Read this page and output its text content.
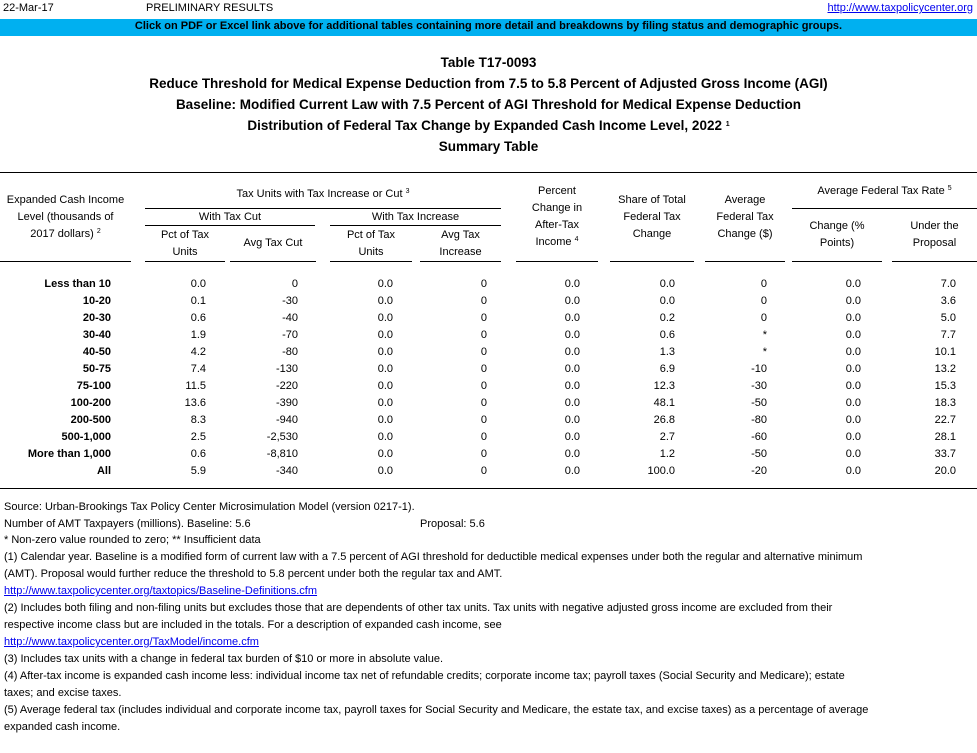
22-Mar-17	PRELIMINARY RESULTS	http://www.taxpolicycenter.org
Click on PDF or Excel link above for additional tables containing more detail and breakdowns by filing status and demographic groups.
Table T17-0093
Reduce Threshold for Medical Expense Deduction from 7.5 to 5.8 Percent of Adjusted Gross Income (AGI)
Baseline: Modified Current Law with 7.5 Percent of AGI Threshold for Medical Expense Deduction
Distribution of Federal Tax Change by Expanded Cash Income Level, 2022 $^1$
Summary Table
Expanded Cash Income
Level (thousands of
2017 dollars) $^2$
Tax Units with Tax Increase or Cut $^3$
With Tax Cut	With Tax Increase
Pct of Tax
Units
Avg Tax Cut
Pct of Tax
Units
Avg Tax
Increase
Percent
Change in
After-Tax
Income $^4$
Share of Total
Federal Tax
Change
Average
Federal Tax
Change ($)
Average Federal Tax Rate $^5$
Change (%
Points)
Under the
Proposal
Less than 10	0.0	0	0.0	0	0.0	0.0	0	0.0	7.0
10-20	0.1	-30	0.0	0	0.0	0.0	0	0.0	3.6
20-30	0.6	-40	0.0	0	0.0	0.2	0	0.0	5.0
30-40	1.9	-70	0.0	0	0.0	0.6	*	0.0	7.7
40-50	4.2	-80	0.0	0	0.0	1.3	*	0.0	10.1
50-75	7.4	-130	0.0	0	0.0	6.9	-10	0.0	13.2
75-100	11.5	-220	0.0	0	0.0	12.3	-30	0.0	15.3
100-200	13.6	-390	0.0	0	0.0	48.1	-50	0.0	18.3
200-500	8.3	-940	0.0	0	0.0	26.8	-80	0.0	22.7
500-1,000	2.5	-2,530	0.0	0	0.0	2.7	-60	0.0	28.1
More than 1,000	0.6	-8,810	0.0	0	0.0	1.2	-50	0.0	33.7
All	5.9	-340	0.0	0	0.0	100.0	-20	0.0	20.0
Source: Urban-Brookings Tax Policy Center Microsimulation Model (version 0217-1).
Number of AMT Taxpayers (millions). Baseline: 5.6	Proposal: 5.6
* Non-zero value rounded to zero; ** Insufficient data
(1) Calendar year. Baseline is a modified form of current law with a 7.5 percent of AGI threshold for deductible medical expenses under both the regular and alternative minimum
(AMT). Proposal would further reduce the threshold to 5.8 percent under both the regular tax and AMT.
http://www.taxpolicycenter.org/taxtopics/Baseline-Definitions.cfm
(2) Includes both filing and non-filing units but excludes those that are dependents of other tax units. Tax units with negative adjusted gross income are excluded from their
respective income class but are included in the totals. For a description of expanded cash income, see
http://www.taxpolicycenter.org/TaxModel/income.cfm
(3) Includes tax units with a change in federal tax burden of $10 or more in absolute value.
(4) After-tax income is expanded cash income less: individual income tax net of refundable credits; corporate income tax; payroll taxes (Social Security and Medicare); estate
taxes; and excise taxes.
(5) Average federal tax (includes individual and corporate income tax, payroll taxes for Social Security and Medicare, the estate tax, and excise taxes) as a percentage of average
expanded cash income.
